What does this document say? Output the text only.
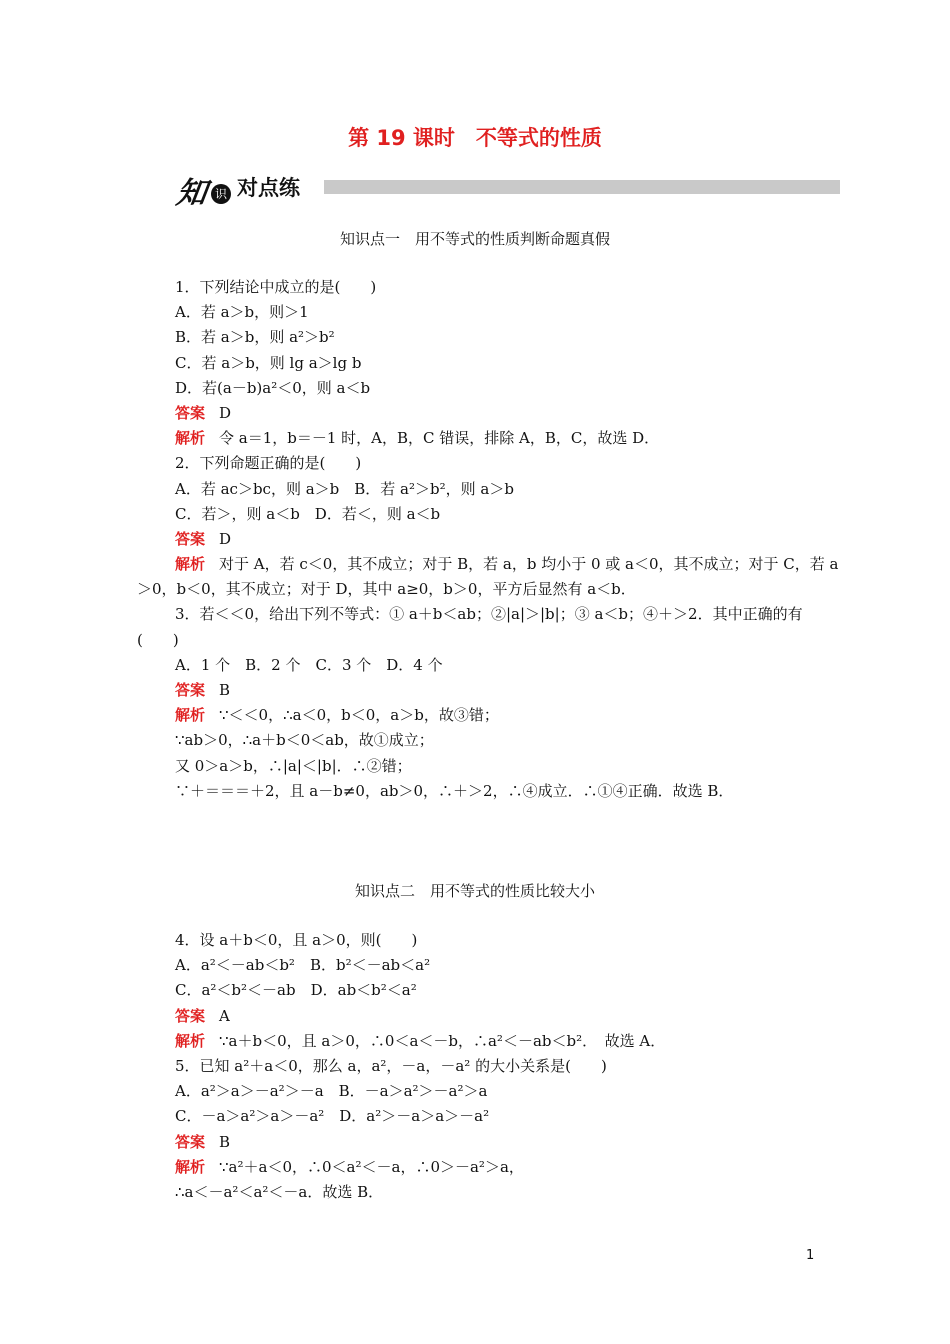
第 19 课时　不等式的性质
知 识 对点练
知识点一　用不等式的性质判断命题真假
1．下列结论中成立的是(　　)
A．若 a＞b，则＞1
B．若 a＞b，则 a²＞b²
C．若 a＞b，则 lg a＞lg b
D．若(a－b)a²＜0，则 a＜b
答案 D
解析 令 a＝1，b＝－1 时，A，B，C 错误，排除 A，B，C，故选 D．
2．下列命题正确的是(　　)
A．若 ac＞bc，则 a＞b　B．若 a²＞b²，则 a＞b
C．若＞，则 a＜b　D．若＜，则 a＜b
答案 D
解析 对于 A，若 c＜0，其不成立；对于 B，若 a，b 均小于 0 或 a＜0，其不成立；对于 C，若 a
＞0，b＜0，其不成立；对于 D，其中 a≥0，b＞0，平方后显然有 a＜b．
3．若＜＜0，给出下列不等式：① a＋b＜ab；②|a|＞|b|；③ a＜b；④＋＞2．其中正确的有
(　　)
A．1 个　B．2 个　C．3 个　D．4 个
答案 B
解析 ∵＜＜0，∴a＜0，b＜0，a＞b，故③错；
∵ab＞0，∴a＋b＜0＜ab，故①成立；
又 0＞a＞b，∴|a|＜|b|．∴②错；
∵＋＝＝＝＋2，且 a－b≠0，ab＞0，∴＋＞2，∴④成立．∴①④正确．故选 B．
知识点二　用不等式的性质比较大小
4．设 a＋b＜0，且 a＞0，则(　　)
A．a²＜－ab＜b²　B．b²＜－ab＜a²
C．a²＜b²＜－ab　D．ab＜b²＜a²
答案 A
解析 ∵a＋b＜0，且 a＞0，∴0＜a＜－b，∴a²＜－ab＜b²．　故选 A．
5．已知 a²＋a＜0，那么 a，a²，－a，－a² 的大小关系是(　　)
A．a²＞a＞－a²＞－a　B．－a＞a²＞－a²＞a
C．－a＞a²＞a＞－a²　D．a²＞－a＞a＞－a²
答案 B
解析 ∵a²＋a＜0，∴0＜a²＜－a，∴0＞－a²＞a，
∴a＜－a²＜a²＜－a．故选 B．
1
